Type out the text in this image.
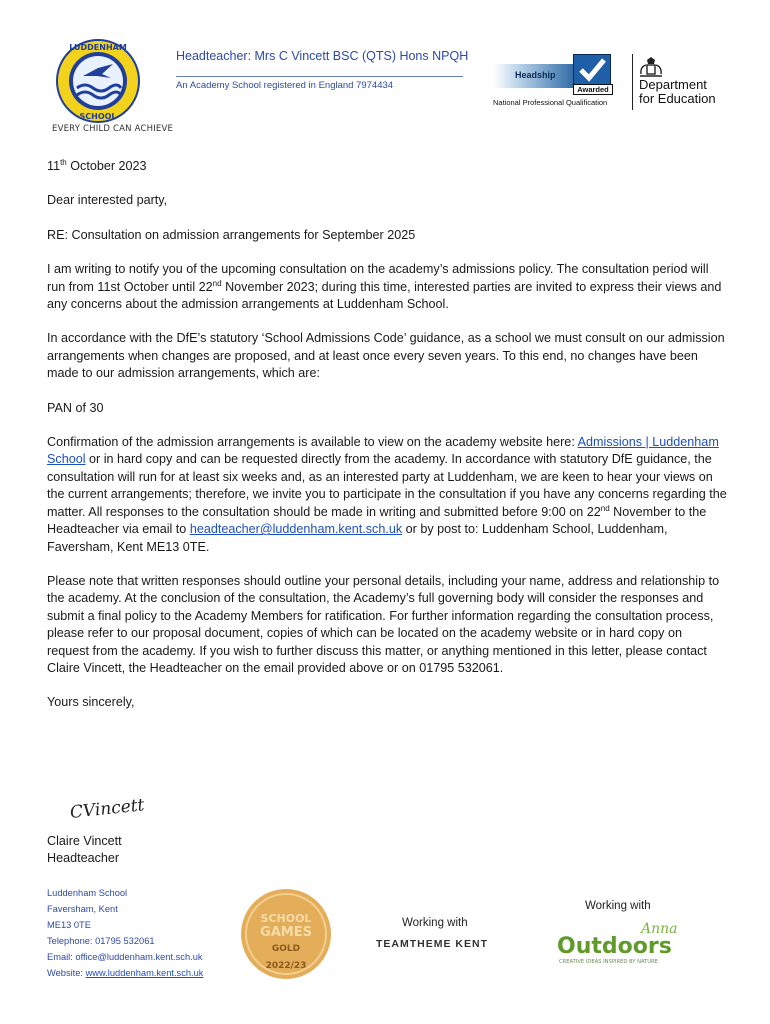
LUDDENHAM
SCHOOL
EVERY CHILD CAN ACHIEVE
Headteacher: Mrs C Vincett BSC (QTS) Hons NPQH
An Academy School registered in England 7974434
Headship
Awarded
National Professional Qualification
Department
for Education

11th October 2023

Dear interested party,

RE: Consultation on admission arrangements for September 2025

I am writing to notify you of the upcoming consultation on the academy’s admissions policy. The consultation period will run from 11st October until 22nd November 2023; during this time, interested parties are invited to express their views and any concerns about the admission arrangements at Luddenham School.

In accordance with the DfE’s statutory ‘School Admissions Code’ guidance, as a school we must consult on our admission arrangements when changes are proposed, and at least once every seven years. To this end, no changes have been made to our admission arrangements, which are:

PAN of 30

Confirmation of the admission arrangements is available to view on the academy website here: Admissions | Luddenham School or in hard copy and can be requested directly from the academy. In accordance with statutory DfE guidance, the consultation will run for at least six weeks and, as an interested party at Luddenham, we are keen to hear your views on the current arrangements; therefore, we invite you to participate in the consultation if you have any concerns regarding the matter. All responses to the consultation should be made in writing and submitted before 9:00 on 22nd November to the Headteacher via email to headteacher@luddenham.kent.sch.uk or by post to: Luddenham School, Luddenham, Faversham, Kent ME13 0TE.

Please note that written responses should outline your personal details, including your name, address and relationship to the academy. At the conclusion of the consultation, the Academy’s full governing body will consider the responses and submit a final policy to the Academy Members for ratification. For further information regarding the consultation process, please refer to our proposal document, copies of which can be located on the academy website or in hard copy on request from the academy. If you wish to further discuss this matter, or anything mentioned in this letter, please contact Claire Vincett, the Headteacher on the email provided above or on 01795 532061.

Yours sincerely,

CVincett
Claire Vincett
Headteacher
Luddenham School
Faversham, Kent
ME13 0TE
Telephone: 01795 532061
Email: office@luddenham.kent.sch.uk
Website: www.luddenham.kent.sch.uk
SCHOOL
GAMES
GOLD
2022/23
Working with
TEAMTHEME KENT
Working with
Anna
Outdoors
CREATIVE IDEAS INSPIRED BY NATURE
